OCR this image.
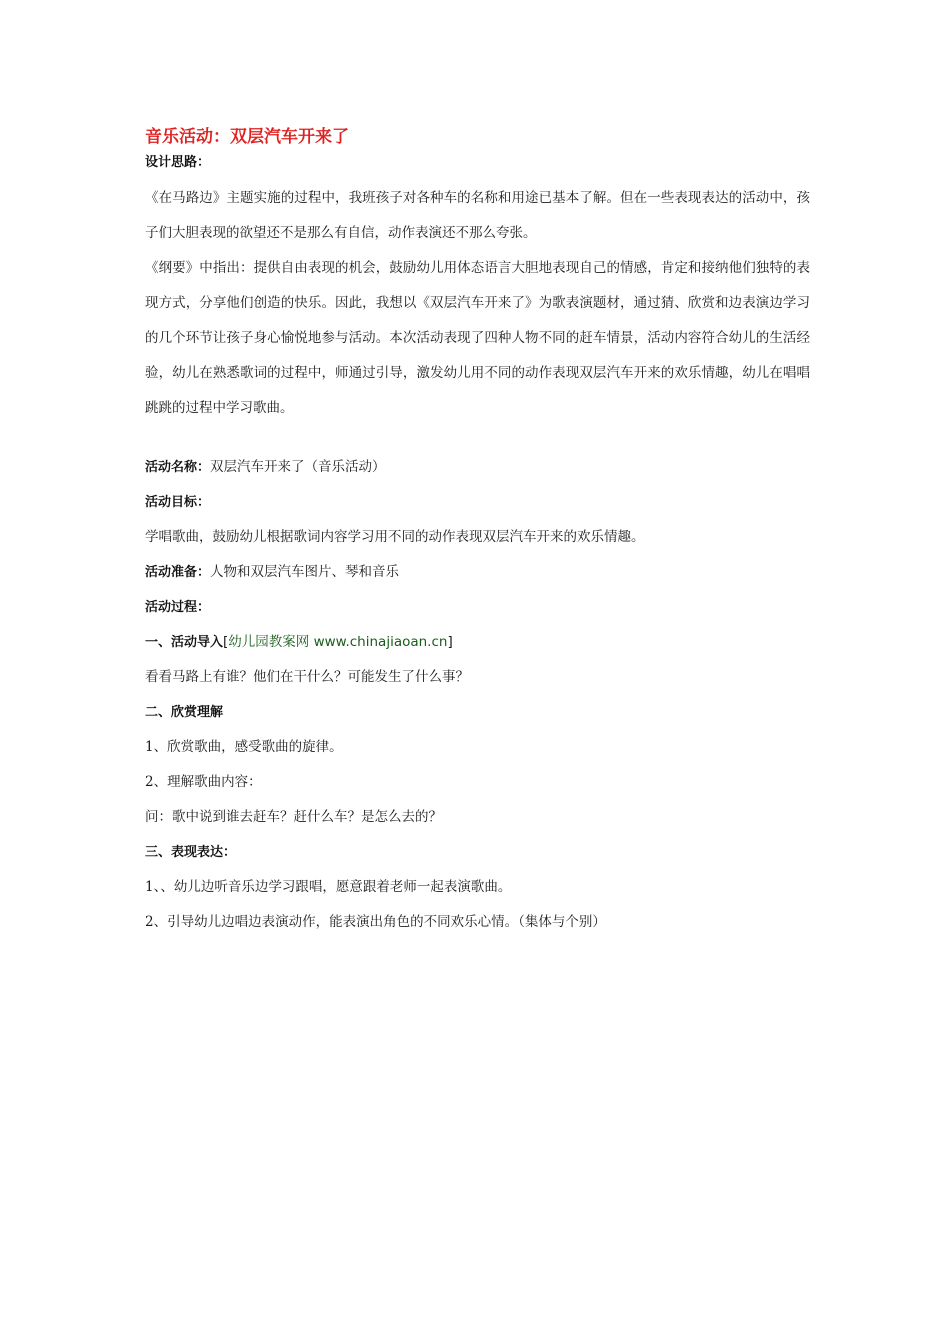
音乐活动：双层汽车开来了

设计思路：

《在马路边》主题实施的过程中，我班孩子对各种车的名称和用途已基本了解。但在一些表现表达的活动中，孩子们大胆表现的欲望还不是那么有自信，动作表演还不那么夸张。

《纲要》中指出：提供自由表现的机会，鼓励幼儿用体态语言大胆地表现自己的情感，肯定和接纳他们独特的表现方式，分享他们创造的快乐。因此，我想以《双层汽车开来了》为歌表演题材，通过猜、欣赏和边表演边学习的几个环节让孩子身心愉悦地参与活动。本次活动表现了四种人物不同的赶车情景，活动内容符合幼儿的生活经验，幼儿在熟悉歌词的过程中，师通过引导，激发幼儿用不同的动作表现双层汽车开来的欢乐情趣，幼儿在唱唱跳跳的过程中学习歌曲。

活动名称：双层汽车开来了（音乐活动）

活动目标：

学唱歌曲，鼓励幼儿根据歌词内容学习用不同的动作表现双层汽车开来的欢乐情趣。

活动准备：人物和双层汽车图片、琴和音乐

活动过程：

一、活动导入[幼儿园教案网 www.chinajiaoan.cn]

看看马路上有谁？他们在干什么？可能发生了什么事？

二、欣赏理解

1、欣赏歌曲，感受歌曲的旋律。

2、理解歌曲内容：

问：歌中说到谁去赶车？赶什么车？是怎么去的？

三、表现表达：

1、、幼儿边听音乐边学习跟唱，愿意跟着老师一起表演歌曲。

2、引导幼儿边唱边表演动作，能表演出角色的不同欢乐心情。（集体与个别）
